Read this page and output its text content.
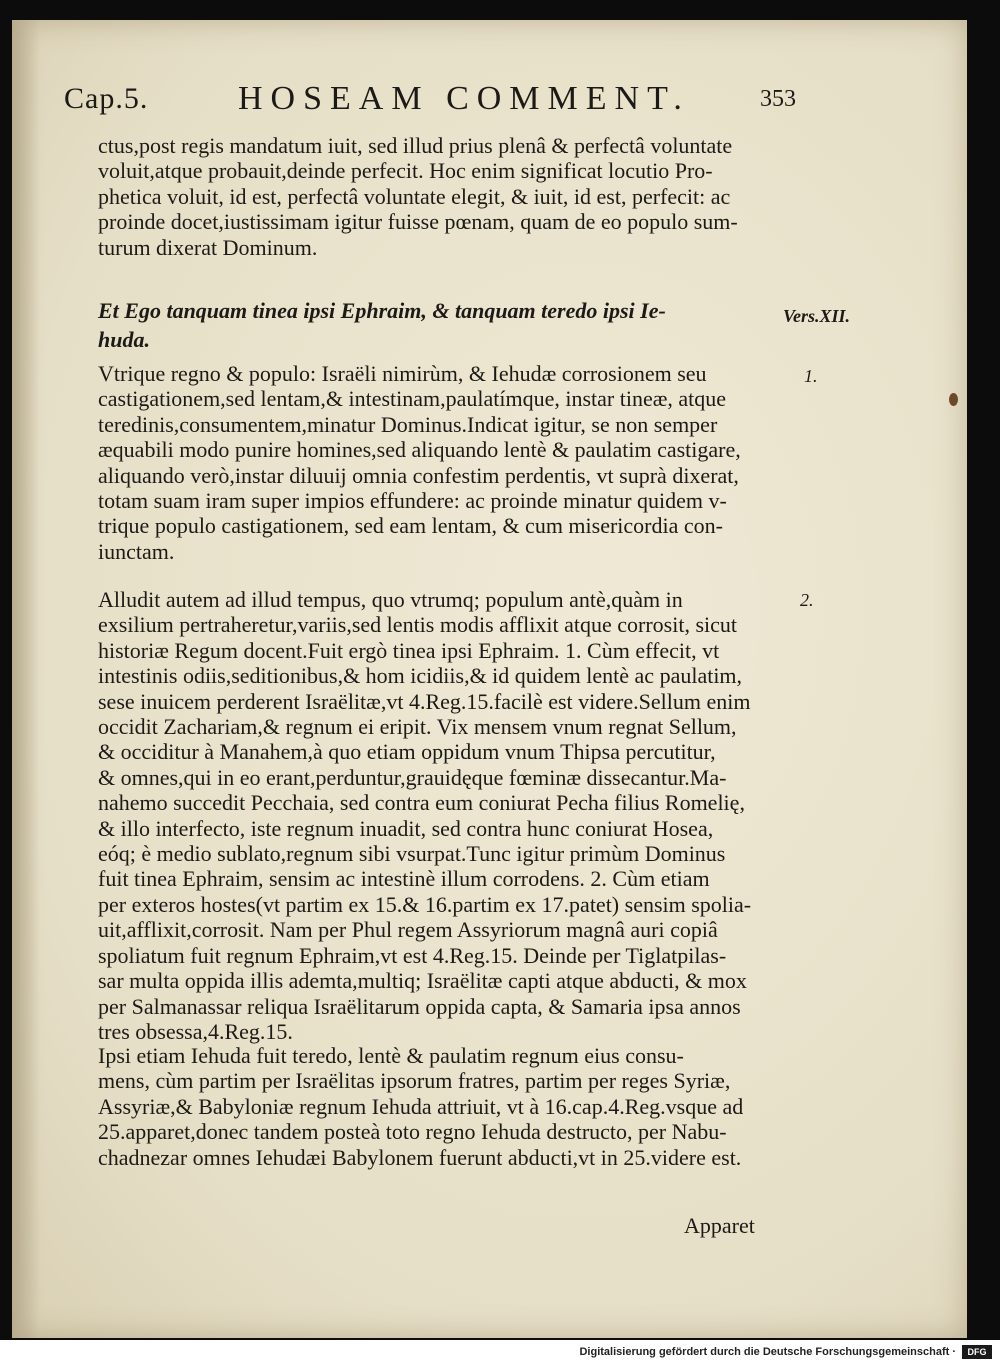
Cap.5.	HOSEAM COMMENT.	353
ctus,post regis mandatum iuit, sed illud prius plenâ & perfectâ voluntate
voluit,atque probauit,deinde perfecit. Hoc enim significat locutio Pro-
phetica voluit, id est, perfectâ voluntate elegit, & iuit, id est, perfecit: ac
proinde docet,iustissimam igitur fuisse pœnam, quam de eo populo sum-
turum dixerat Dominum.
Et Ego tanquam tinea ipsi Ephraim, & tanquam teredo ipsi Ie-
huda.
Vtrique regno & populo: Israëli nimirùm, & Iehudæ corrosionem seu
castigationem,sed lentam,& intestinam,paulatímque, instar tineæ, atque
teredinis,consumentem,minatur Dominus.Indicat igitur, se non semper
æquabili modo punire homines,sed aliquando lentè & paulatim castigare,
aliquando verò,instar diluuij omnia confestim perdentis, vt suprà dixerat,
totam suam iram super impios effundere: ac proinde minatur quidem v-
trique populo castigationem, sed eam lentam, & cum misericordia con-
iunctam.
Alludit autem ad illud tempus, quo vtrumq; populum antè,quàm in
exsilium pertraheretur,variis,sed lentis modis afflixit atque corrosit, sicut
historiæ Regum docent.Fuit ergò tinea ipsi Ephraim. 1. Cùm effecit, vt
intestinis odiis,seditionibus,& hom icidiis,& id quidem lentè ac paulatim,
sese inuicem perderent Israëlitæ,vt 4.Reg.15.facilè est videre.Sellum enim
occidit Zachariam,& regnum ei eripit. Vix mensem vnum regnat Sellum,
& occiditur à Manahem,à quo etiam oppidum vnum Thipsa percutitur,
& omnes,qui in eo erant,perduntur,grauidęque fœminæ dissecantur.Ma-
nahemo succedit Pecchaia, sed contra eum coniurat Pecha filius Romelię,
& illo interfecto, iste regnum inuadit, sed contra hunc coniurat Hosea,
eóq; è medio sublato,regnum sibi vsurpat.Tunc igitur primùm Dominus
fuit tinea Ephraim, sensim ac intestinè illum corrodens. 2. Cùm etiam
per exteros hostes(vt partim ex 15.& 16.partim ex 17.patet) sensim spolia-
uit,afflixit,corrosit. Nam per Phul regem Assyriorum magnâ auri copiâ
spoliatum fuit regnum Ephraim,vt est 4.Reg.15. Deinde per Tiglatpilas-
sar multa oppida illis ademta,multiq; Israëlitæ capti atque abducti, & mox
per Salmanassar reliqua Israëlitarum oppida capta, & Samaria ipsa annos
tres obsessa,4.Reg.15.
Ipsi etiam Iehuda fuit teredo, lentè & paulatim regnum eius consu-
mens, cùm partim per Israëlitas ipsorum fratres, partim per reges Syriæ,
Assyriæ,& Babyloniæ regnum Iehuda attriuit, vt à 16.cap.4.Reg.vsque ad
25.apparet,donec tandem posteà toto regno Iehuda destructo, per Nabu-
chadnezar omnes Iehudæi Babylonem fuerunt abducti,vt in 25.videre est.
Vers.XII.
1.
2.
Apparet
Digitalisierung gefördert durch die Deutsche Forschungsgemeinschaft ·	DFG
